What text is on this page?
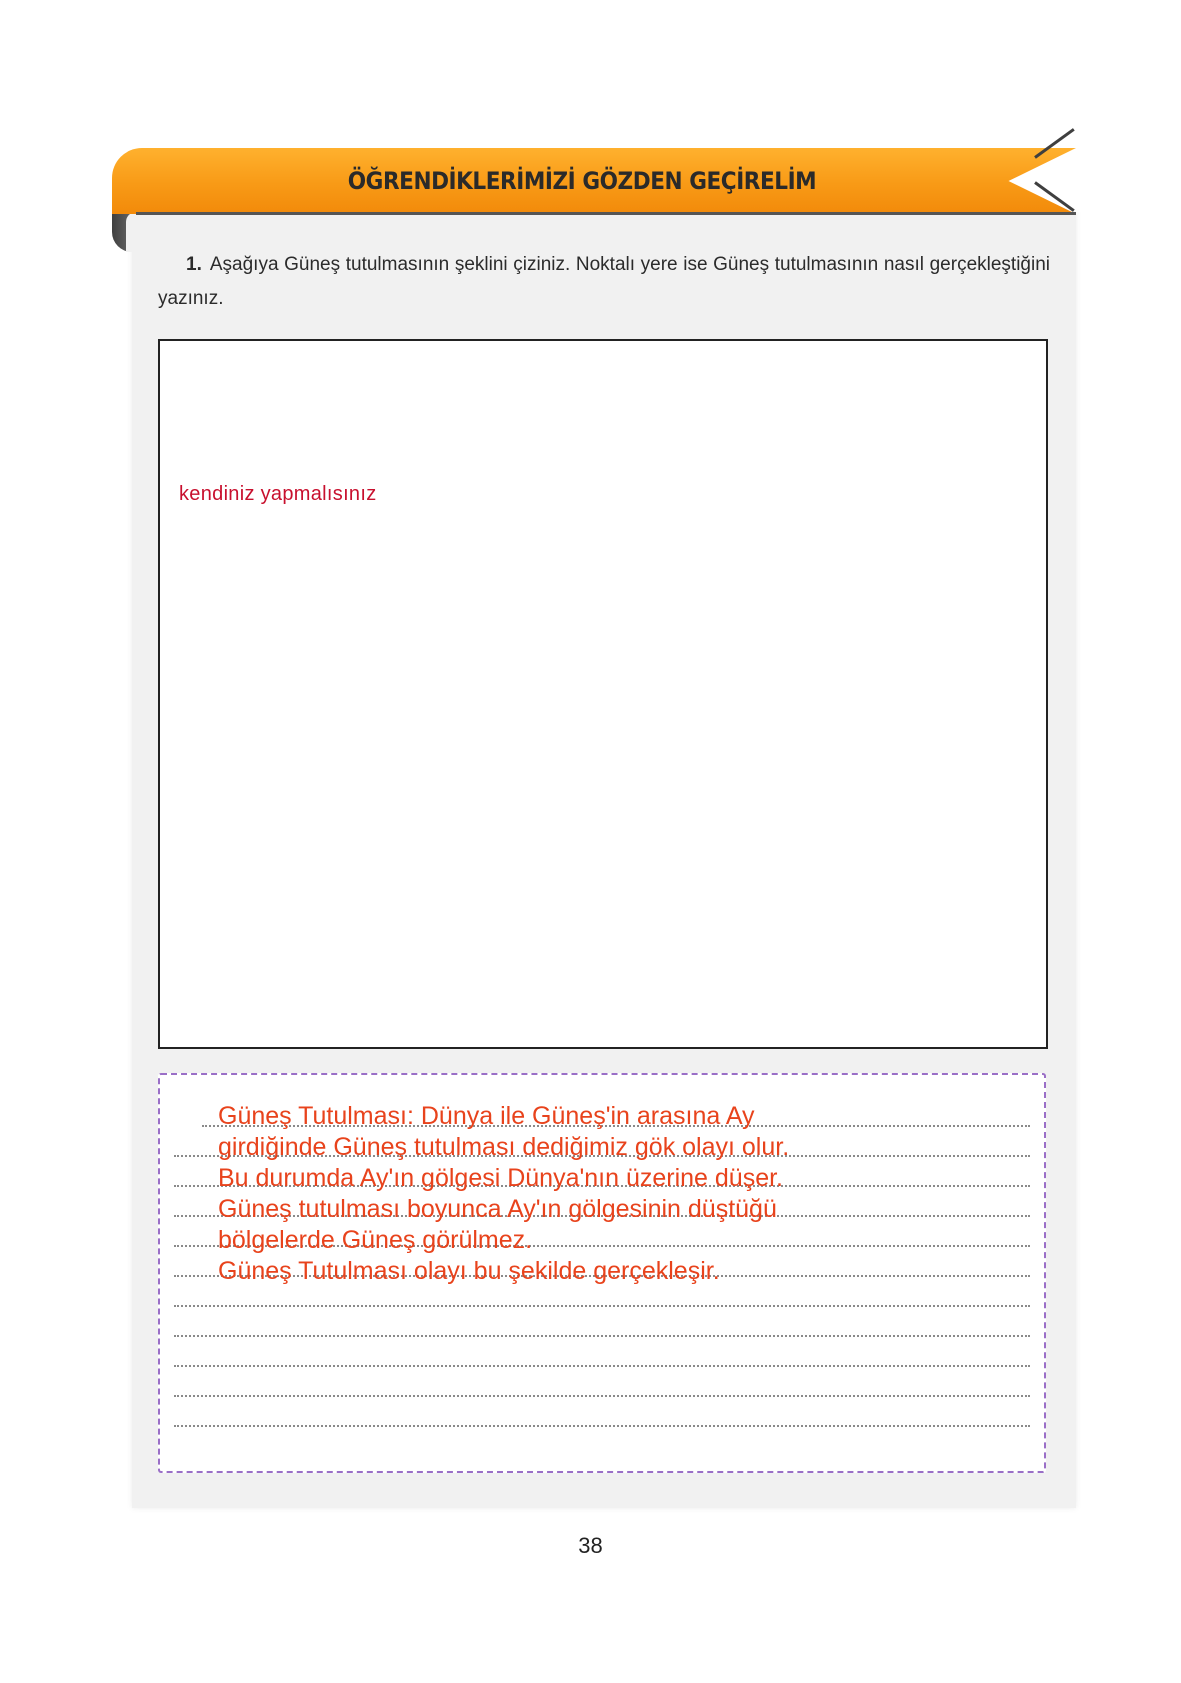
ÖĞRENDİKLERİMİZİ GÖZDEN GEÇİRELİM
1. Aşağıya Güneş tutulmasının şeklini çiziniz. Noktalı yere ise Güneş tutulmasının nasıl gerçekleştiğini yazınız.
kendiniz yapmalısınız
Güneş Tutulması: Dünya ile Güneş'in arasına Ay
girdiğinde Güneş tutulması dediğimiz gök olayı olur.
Bu durumda Ay'ın gölgesi Dünya'nın üzerine düşer.
Güneş tutulması boyunca Ay'ın gölgesinin düştüğü
bölgelerde Güneş görülmez.
Güneş Tutulması olayı bu şekilde gerçekleşir.
38
